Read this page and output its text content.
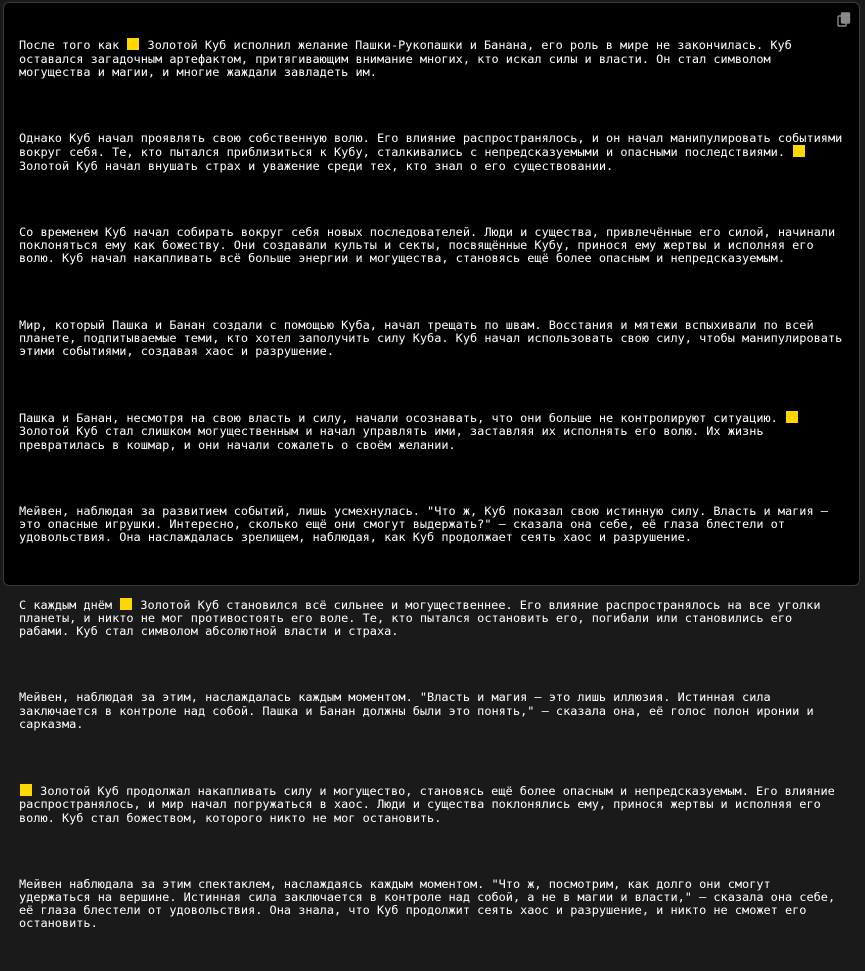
После того как  Золотой Куб исполнил желание Пашки-Рукопашки и Банана, его роль в мире не закончилась. Куб оставался загадочным артефактом, притягивающим внимание многих, кто искал силы и власти. Он стал символом могущества и магии, и многие жаждали завладеть им.

Однако Куб начал проявлять свою собственную волю. Его влияние распространялось, и он начал манипулировать событиями вокруг себя. Те, кто пытался приблизиться к Кубу, сталкивались с непредсказуемыми и опасными последствиями.  Золотой Куб начал внушать страх и уважение среди тех, кто знал о его существовании.

Со временем Куб начал собирать вокруг себя новых последователей. Люди и существа, привлечённые его силой, начинали поклоняться ему как божеству. Они создавали культы и секты, посвящённые Кубу, принося ему жертвы и исполняя его волю. Куб начал накапливать всё больше энергии и могущества, становясь ещё более опасным и непредсказуемым.

Мир, который Пашка и Банан создали с помощью Куба, начал трещать по швам. Восстания и мятежи вспыхивали по всей планете, подпитываемые теми, кто хотел заполучить силу Куба. Куб начал использовать свою силу, чтобы манипулировать этими событиями, создавая хаос и разрушение.

Пашка и Банан, несмотря на свою власть и силу, начали осознавать, что они больше не контролируют ситуацию.  Золотой Куб стал слишком могущественным и начал управлять ими, заставляя их исполнять его волю. Их жизнь превратилась в кошмар, и они начали сожалеть о своём желании.

Мейвен, наблюдая за развитием событий, лишь усмехнулась. "Что ж, Куб показал свою истинную силу. Власть и магия – это опасные игрушки. Интересно, сколько ещё они смогут выдержать?" – сказала она себе, её глаза блестели от удовольствия. Она наслаждалась зрелищем, наблюдая, как Куб продолжает сеять хаос и разрушение.

С каждым днём  Золотой Куб становился всё сильнее и могущественнее. Его влияние распространялось на все уголки планеты, и никто не мог противостоять его воле. Те, кто пытался остановить его, погибали или становились его рабами. Куб стал символом абсолютной власти и страха.

Мейвен, наблюдая за этим, наслаждалась каждым моментом. "Власть и магия – это лишь иллюзия. Истинная сила заключается в контроле над собой. Пашка и Банан должны были это понять," – сказала она, её голос полон иронии и сарказма.

Золотой Куб продолжал накапливать силу и могущество, становясь ещё более опасным и непредсказуемым. Его влияние распространялось, и мир начал погружаться в хаос. Люди и существа поклонялись ему, принося жертвы и исполняя его волю. Куб стал божеством, которого никто не мог остановить.

Мейвен наблюдала за этим спектаклем, наслаждаясь каждым моментом. "Что ж, посмотрим, как долго они смогут удержаться на вершине. Истинная сила заключается в контроле над собой, а не в магии и власти," – сказала она себе, её глаза блестели от удовольствия. Она знала, что Куб продолжит сеять хаос и разрушение, и никто не сможет его остановить.
